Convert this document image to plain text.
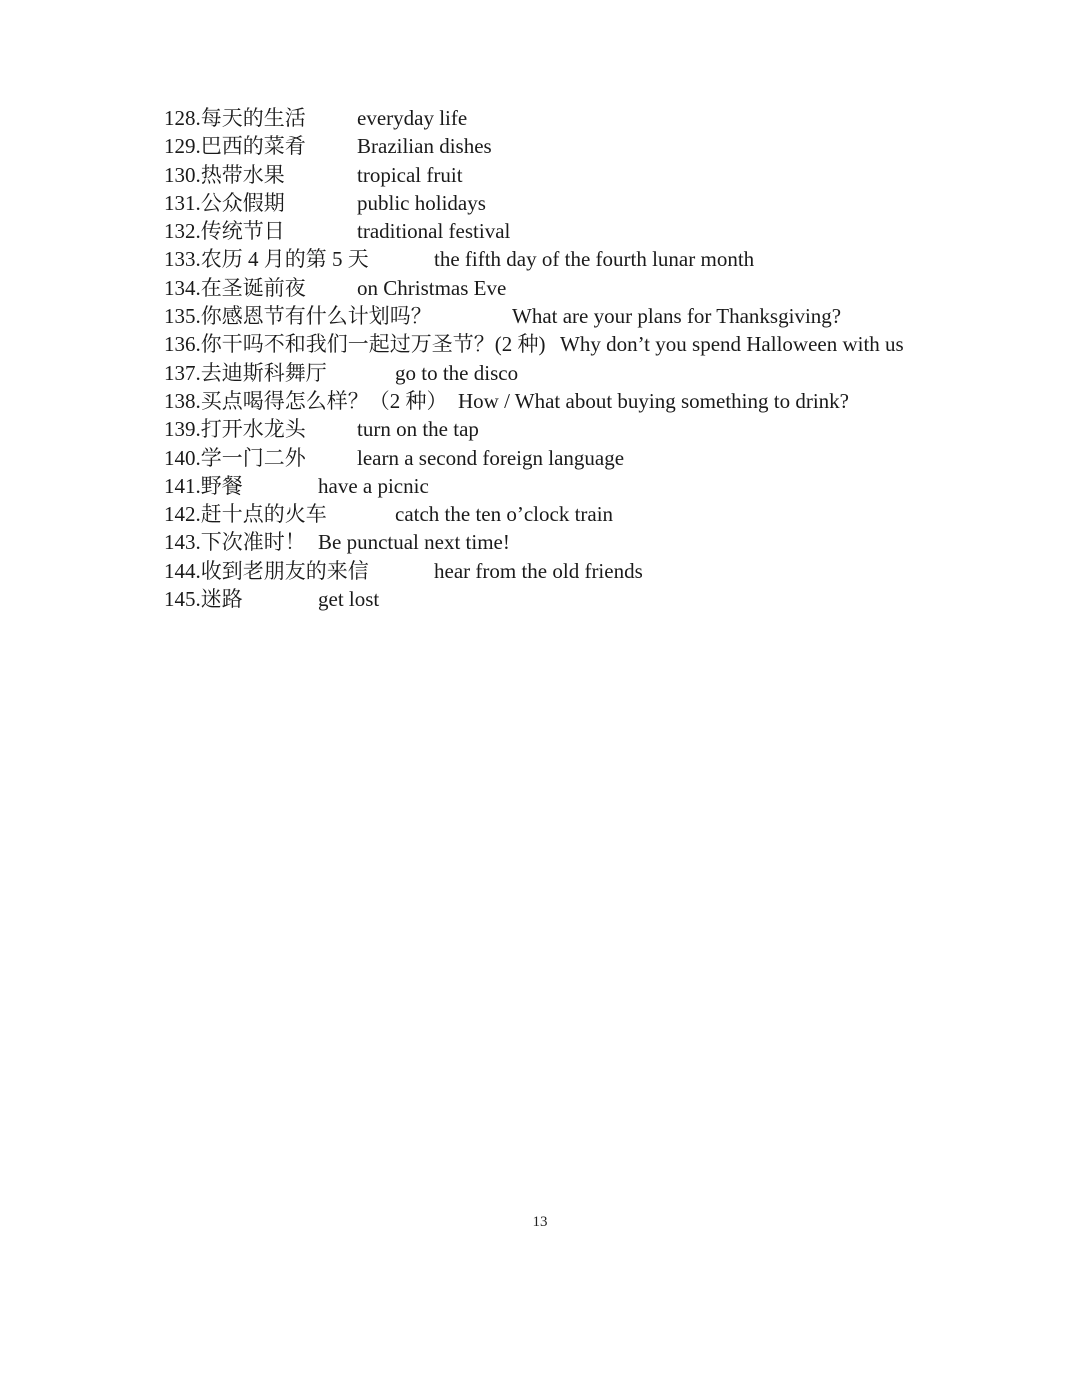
128.每天的生活 everyday life
129.巴西的菜肴 Brazilian dishes
130.热带水果	tropical fruit
131.公众假期	public holidays
132.传统节日	traditional festival
133.农历 4 月的第 5 天	the fifth day of the fourth lunar month
134.在圣诞前夜 on Christmas Eve
135.你感恩节有什么计划吗？	What are your plans for Thanksgiving?
136.你干吗不和我们一起过万圣节？(2 种) Why don’t you spend Halloween with us
137.去迪斯科舞厅	go to the disco
138.买点喝得怎么样？（2 种） How / What about buying something to drink?
139.打开水龙头 turn on the tap
140.学一门二外 learn a second foreign language
141.野餐	have a picnic
142.赶十点的火车	catch the ten o’clock train
143.下次准时！ Be punctual next time!
144.收到老朋友的来信	hear from the old friends
145.迷路	get lost
13
